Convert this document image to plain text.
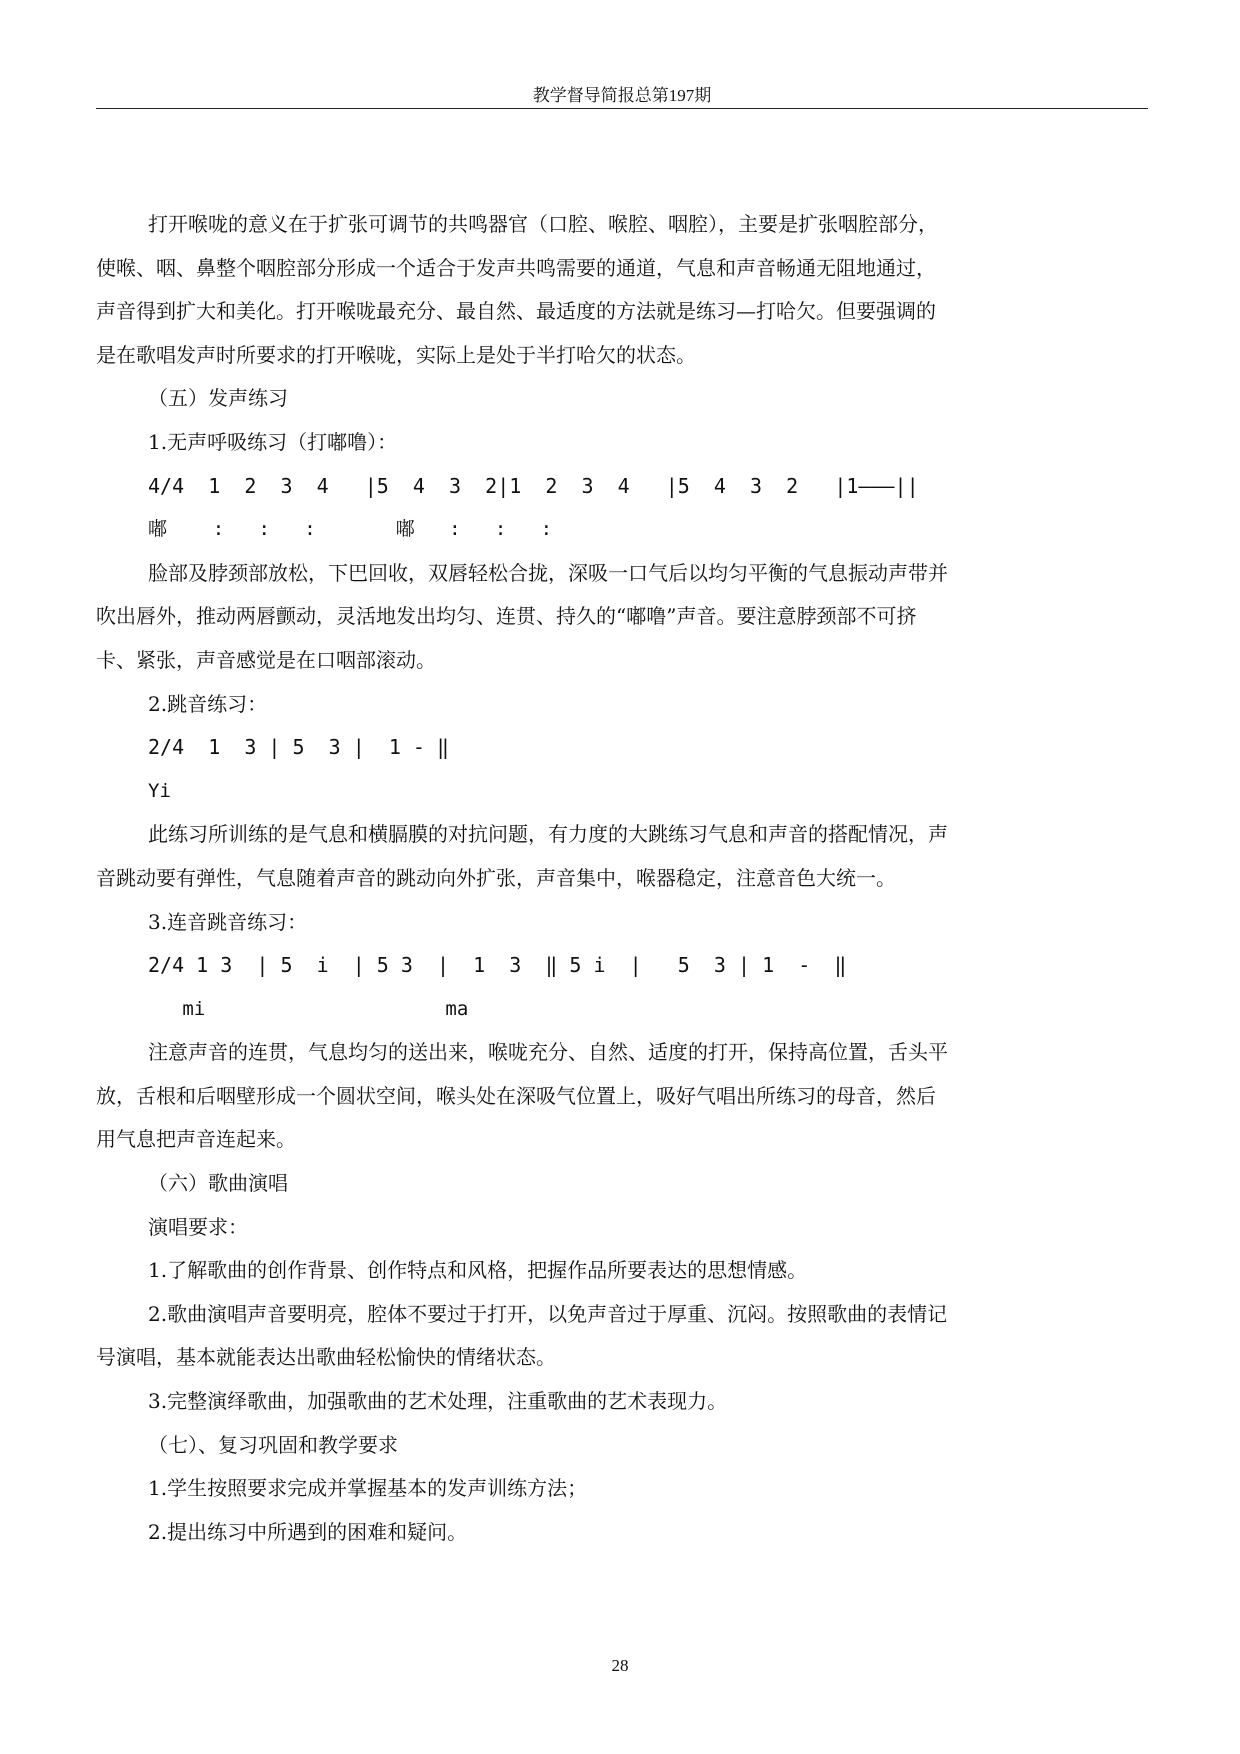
教学督导简报总第197期
打开喉咙的意义在于扩张可调节的共鸣器官（口腔、喉腔、咽腔），主要是扩张咽腔部分，
使喉、咽、鼻整个咽腔部分形成一个适合于发声共鸣需要的通道，气息和声音畅通无阻地通过，
声音得到扩大和美化。打开喉咙最充分、最自然、最适度的方法就是练习—打哈欠。但要强调的
是在歌唱发声时所要求的打开喉咙，实际上是处于半打哈欠的状态。
（五）发声练习
1.无声呼吸练习（打嘟噜）：
4/4  1  2  3  4   |5  4  3  2|1  2  3  4   |5  4  3  2   |1———||
嘟    :   :   :       嘟   :   :   :
脸部及脖颈部放松，下巴回收，双唇轻松合拢，深吸一口气后以均匀平衡的气息振动声带并
吹出唇外，推动两唇颤动，灵活地发出均匀、连贯、持久的“嘟噜”声音。要注意脖颈部不可挤
卡、紧张，声音感觉是在口咽部滚动。
2.跳音练习：
2/4  1  3 | 5  3 |  1 - ‖
Yi
此练习所训练的是气息和横膈膜的对抗问题，有力度的大跳练习气息和声音的搭配情况，声
音跳动要有弹性，气息随着声音的跳动向外扩张，声音集中，喉器稳定，注意音色大统一。
3.连音跳音练习：
2/4 1 3  | 5  i  | 5 3  |  1  3  ‖ 5 i  |   5  3 | 1  -  ‖
mi                     ma
注意声音的连贯，气息均匀的送出来，喉咙充分、自然、适度的打开，保持高位置，舌头平
放，舌根和后咽壁形成一个圆状空间，喉头处在深吸气位置上，吸好气唱出所练习的母音，然后
用气息把声音连起来。
（六）歌曲演唱
演唱要求：
1.了解歌曲的创作背景、创作特点和风格，把握作品所要表达的思想情感。
2.歌曲演唱声音要明亮，腔体不要过于打开，以免声音过于厚重、沉闷。按照歌曲的表情记
号演唱，基本就能表达出歌曲轻松愉快的情绪状态。
3.完整演绎歌曲，加强歌曲的艺术处理，注重歌曲的艺术表现力。
（七）、复习巩固和教学要求
1.学生按照要求完成并掌握基本的发声训练方法；
2.提出练习中所遇到的困难和疑问。
28
